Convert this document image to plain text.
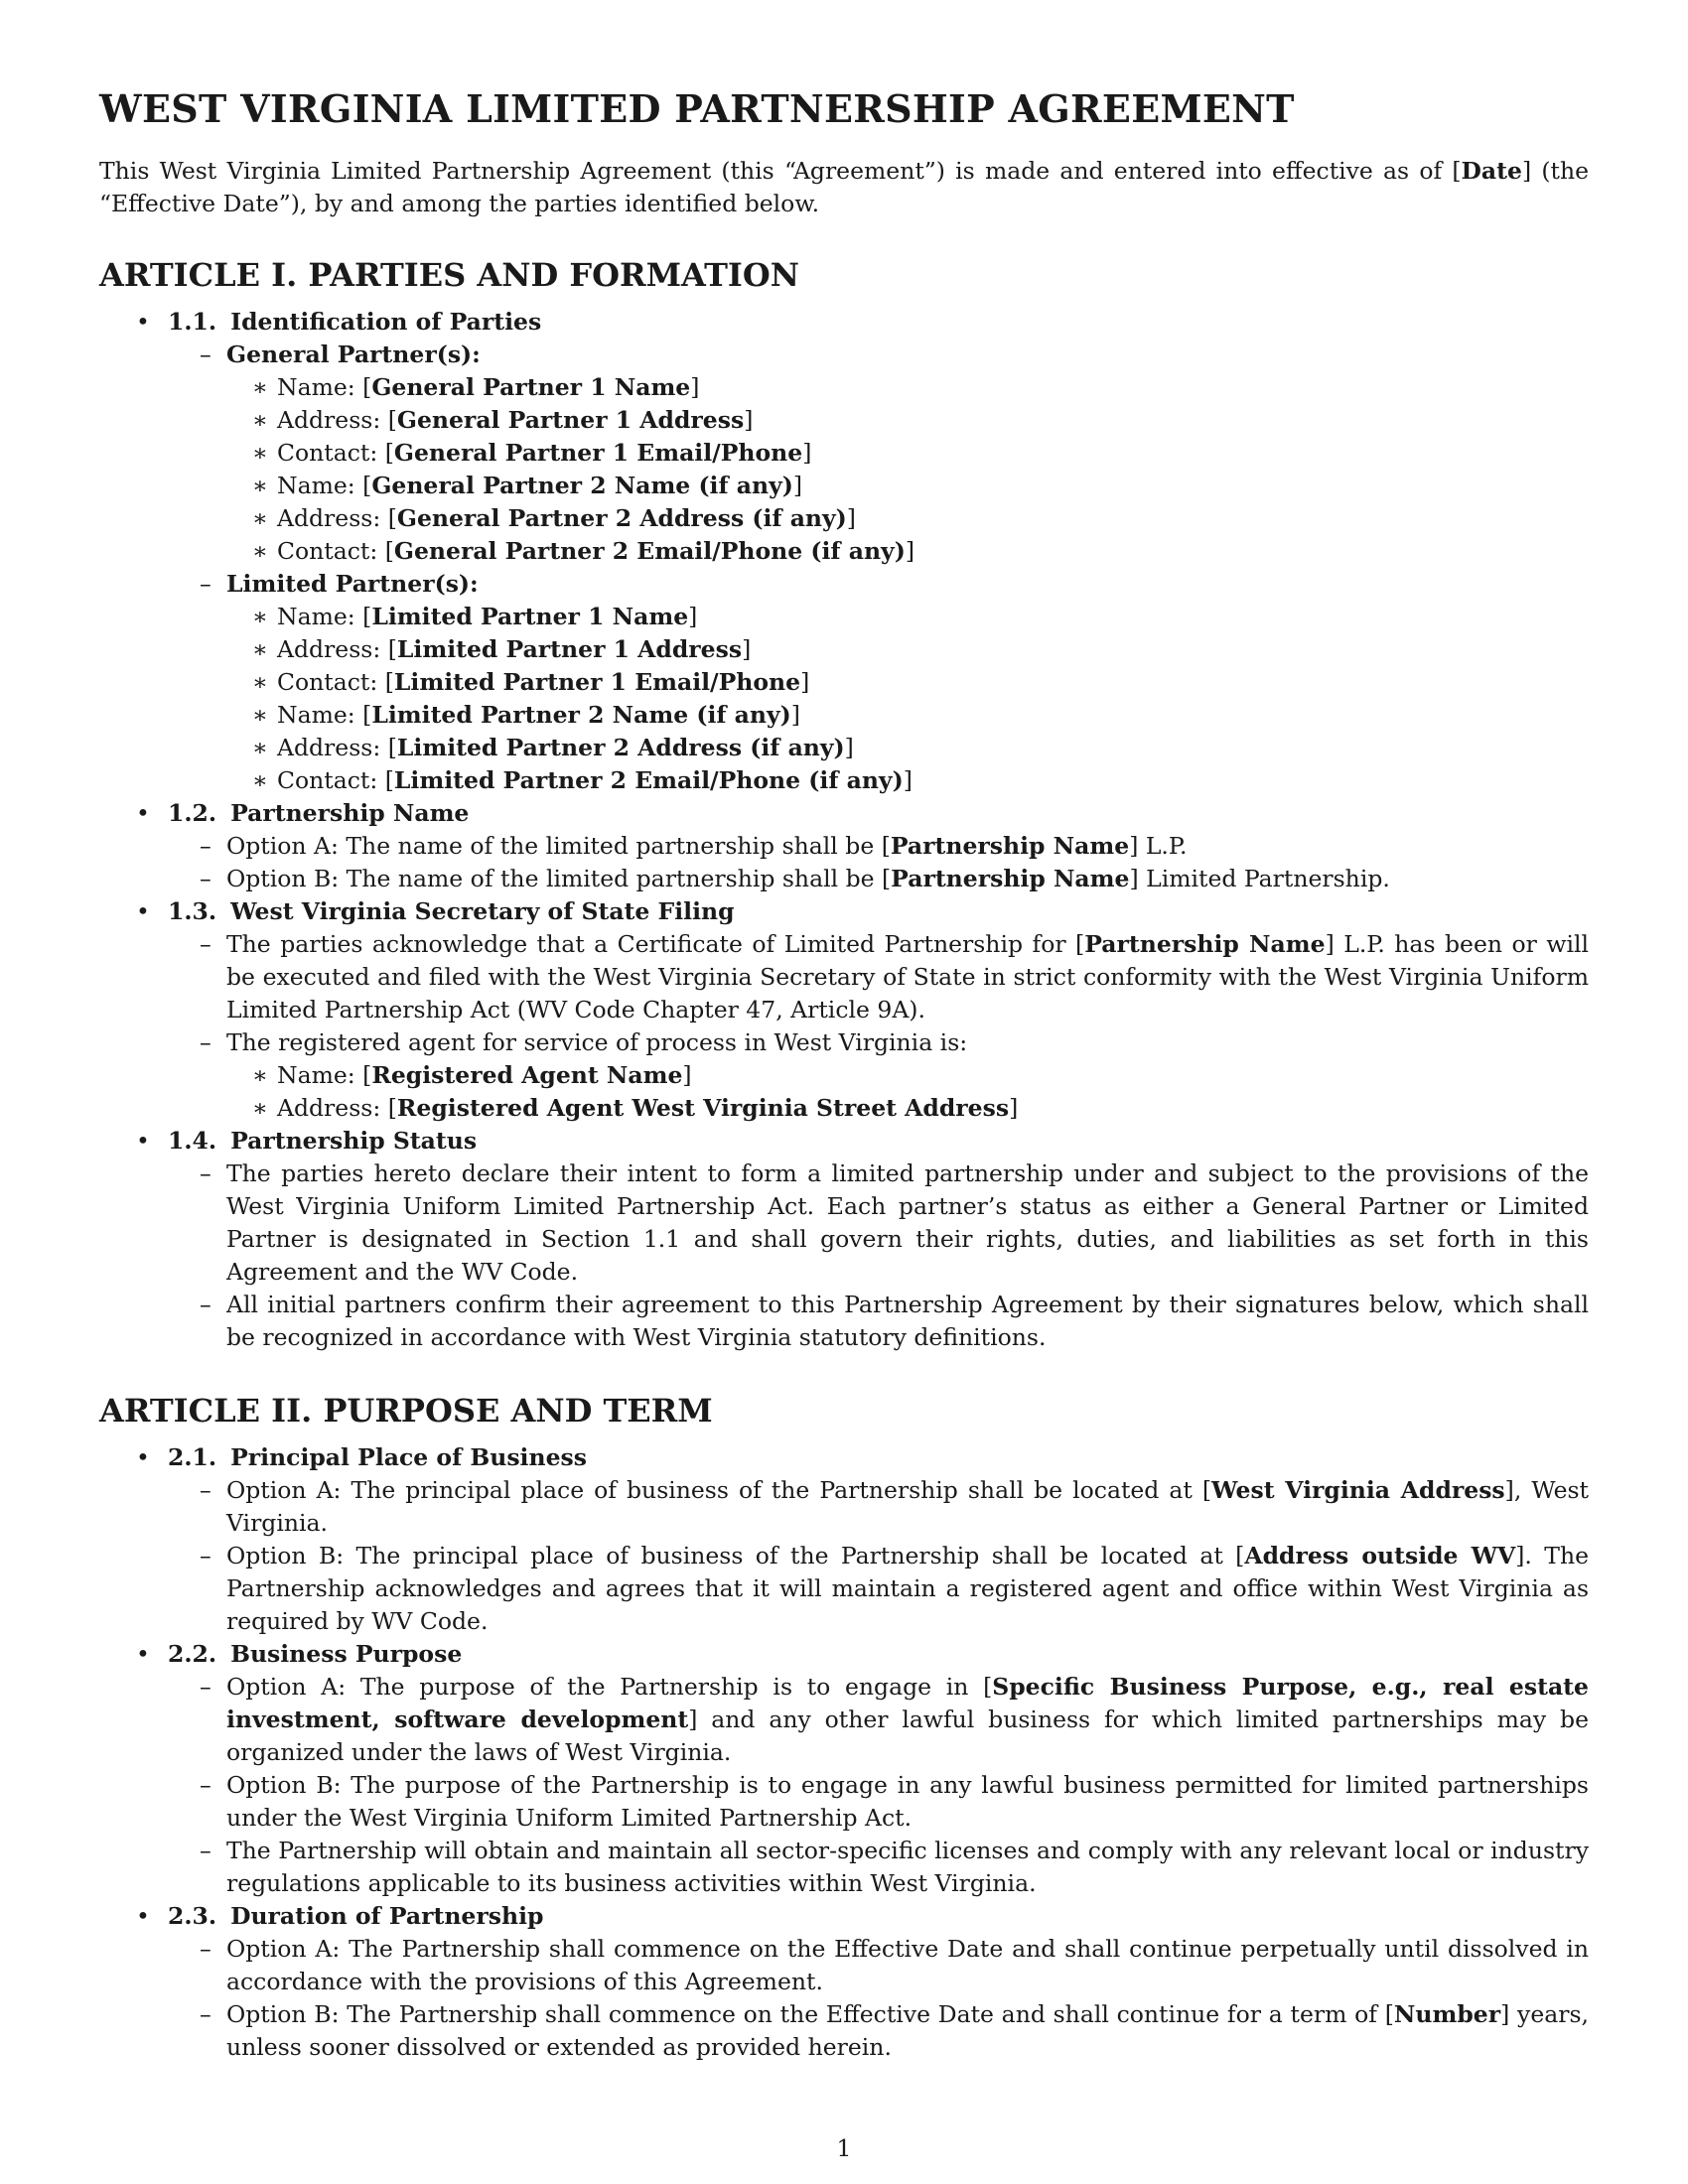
WEST VIRGINIA LIMITED PARTNERSHIP AGREEMENT

This West Virginia Limited Partnership Agreement (this “Agreement”) is made and entered into effective as of [Date] (the “Effective Date”), by and among the parties identified below.

ARTICLE I. PARTIES AND FORMATION
• 1.1. Identification of Parties
– General Partner(s):
∗ Name: [General Partner 1 Name]
∗ Address: [General Partner 1 Address]
∗ Contact: [General Partner 1 Email/Phone]
∗ Name: [General Partner 2 Name (if any)]
∗ Address: [General Partner 2 Address (if any)]
∗ Contact: [General Partner 2 Email/Phone (if any)]
– Limited Partner(s):
∗ Name: [Limited Partner 1 Name]
∗ Address: [Limited Partner 1 Address]
∗ Contact: [Limited Partner 1 Email/Phone]
∗ Name: [Limited Partner 2 Name (if any)]
∗ Address: [Limited Partner 2 Address (if any)]
∗ Contact: [Limited Partner 2 Email/Phone (if any)]
• 1.2. Partnership Name
– Option A: The name of the limited partnership shall be [Partnership Name] L.P.
– Option B: The name of the limited partnership shall be [Partnership Name] Limited Partnership.
• 1.3. West Virginia Secretary of State Filing
– The parties acknowledge that a Certificate of Limited Partnership for [Partnership Name] L.P. has been or will be executed and filed with the West Virginia Secretary of State in strict conformity with the West Virginia Uniform Limited Partnership Act (WV Code Chapter 47, Article 9A).
– The registered agent for service of process in West Virginia is:
∗ Name: [Registered Agent Name]
∗ Address: [Registered Agent West Virginia Street Address]
• 1.4. Partnership Status
– The parties hereto declare their intent to form a limited partnership under and subject to the provisions of the West Virginia Uniform Limited Partnership Act. Each partner’s status as either a General Partner or Limited Partner is designated in Section 1.1 and shall govern their rights, duties, and liabilities as set forth in this Agreement and the WV Code.
– All initial partners confirm their agreement to this Partnership Agreement by their signatures below, which shall be recognized in accordance with West Virginia statutory definitions.
ARTICLE II. PURPOSE AND TERM
• 2.1. Principal Place of Business
– Option A: The principal place of business of the Partnership shall be located at [West Virginia Address], West Virginia.
– Option B: The principal place of business of the Partnership shall be located at [Address outside WV]. The Partnership acknowledges and agrees that it will maintain a registered agent and office within West Virginia as required by WV Code.
• 2.2. Business Purpose
– Option A: The purpose of the Partnership is to engage in [Specific Business Purpose, e.g., real estate investment, software development] and any other lawful business for which limited partnerships may be organized under the laws of West Virginia.
– Option B: The purpose of the Partnership is to engage in any lawful business permitted for limited partnerships under the West Virginia Uniform Limited Partnership Act.
– The Partnership will obtain and maintain all sector-specific licenses and comply with any relevant local or industry regulations applicable to its business activities within West Virginia.
• 2.3. Duration of Partnership
– Option A: The Partnership shall commence on the Effective Date and shall continue perpetually until dissolved in accordance with the provisions of this Agreement.
– Option B: The Partnership shall commence on the Effective Date and shall continue for a term of [Number] years, unless sooner dissolved or extended as provided herein.
1
